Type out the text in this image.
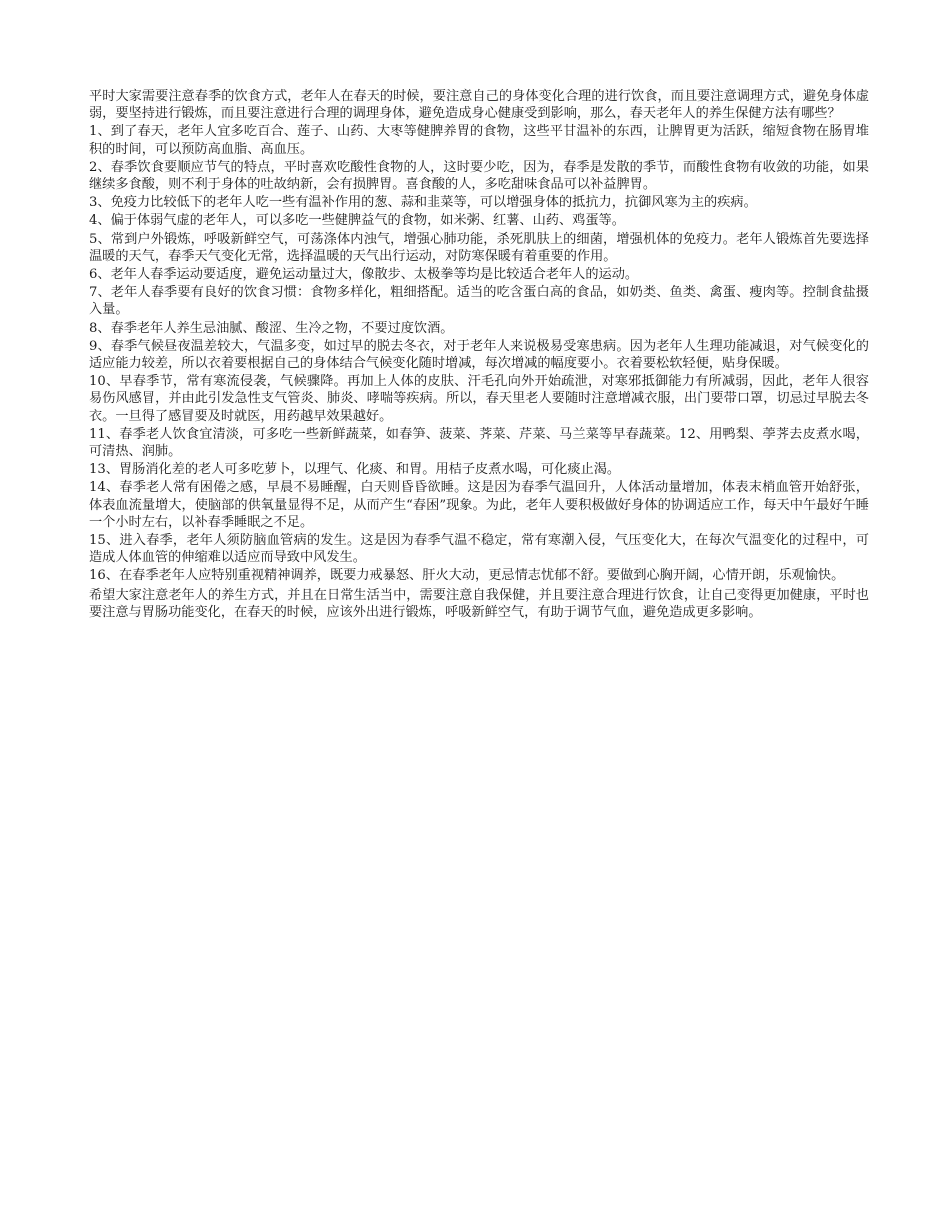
平时大家需要注意春季的饮食方式，老年人在春天的时候，要注意自己的身体变化合理的进行饮食，而且要注意调理方式，避免身体虚弱，要坚持进行锻炼，而且要注意进行合理的调理身体，避免造成身心健康受到影响，那么，春天老年人的养生保健方法有哪些？

1、到了春天，老年人宜多吃百合、莲子、山药、大枣等健脾养胃的食物，这些平甘温补的东西，让脾胃更为活跃，缩短食物在肠胃堆积的时间，可以预防高血脂、高血压。

2、春季饮食要顺应节气的特点，平时喜欢吃酸性食物的人，这时要少吃，因为，春季是发散的季节，而酸性食物有收敛的功能，如果继续多食酸，则不利于身体的吐故纳新，会有损脾胃。喜食酸的人，多吃甜味食品可以补益脾胃。

3、免疫力比较低下的老年人吃一些有温补作用的葱、蒜和韭菜等，可以增强身体的抵抗力，抗御风寒为主的疾病。

4、偏于体弱气虚的老年人，可以多吃一些健脾益气的食物，如米粥、红薯、山药、鸡蛋等。

5、常到户外锻炼，呼吸新鲜空气，可荡涤体内浊气，增强心肺功能，杀死肌肤上的细菌，增强机体的免疫力。老年人锻炼首先要选择温暖的天气，春季天气变化无常，选择温暖的天气出行运动，对防寒保暖有着重要的作用。

6、老年人春季运动要适度，避免运动量过大，像散步、太极拳等均是比较适合老年人的运动。

7、老年人春季要有良好的饮食习惯：食物多样化，粗细搭配。适当的吃含蛋白高的食品，如奶类、鱼类、禽蛋、瘦肉等。控制食盐摄入量。

8、春季老年人养生忌油腻、酸涩、生冷之物，不要过度饮酒。

9、春季气候昼夜温差较大，气温多变，如过早的脱去冬衣，对于老年人来说极易受寒患病。因为老年人生理功能减退，对气候变化的适应能力较差，所以衣着要根据自己的身体结合气候变化随时增减，每次增减的幅度要小。衣着要松软轻便，贴身保暖。

10、早春季节，常有寒流侵袭，气候骤降。再加上人体的皮肤、汗毛孔向外开始疏泄，对寒邪抵御能力有所减弱，因此，老年人很容易伤风感冒，并由此引发急性支气管炎、肺炎、哮喘等疾病。所以，春天里老人要随时注意增减衣服，出门要带口罩，切忌过早脱去冬衣。一旦得了感冒要及时就医，用药越早效果越好。

11、春季老人饮食宜清淡，可多吃一些新鲜蔬菜，如春笋、菠菜、荠菜、芹菜、马兰菜等早春蔬菜。12、用鸭梨、荸荠去皮煮水喝，可清热、润肺。

13、胃肠消化差的老人可多吃萝卜，以理气、化痰、和胃。用桔子皮煮水喝，可化痰止渴。

14、春季老人常有困倦之感，早晨不易睡醒，白天则昏昏欲睡。这是因为春季气温回升，人体活动量增加，体表末梢血管开始舒张，体表血流量增大，使脑部的供氧量显得不足，从而产生“春困”现象。为此，老年人要积极做好身体的协调适应工作，每天中午最好午睡一个小时左右，以补春季睡眠之不足。

15、进入春季，老年人须防脑血管病的发生。这是因为春季气温不稳定，常有寒潮入侵，气压变化大，在每次气温变化的过程中，可造成人体血管的伸缩难以适应而导致中风发生。

16、在春季老年人应特别重视精神调养，既要力戒暴怒、肝火大动，更忌情志忧郁不舒。要做到心胸开阔，心情开朗，乐观愉快。

希望大家注意老年人的养生方式，并且在日常生活当中，需要注意自我保健，并且要注意合理进行饮食，让自己变得更加健康，平时也要注意与胃肠功能变化，在春天的时候，应该外出进行锻炼，呼吸新鲜空气，有助于调节气血，避免造成更多影响。
